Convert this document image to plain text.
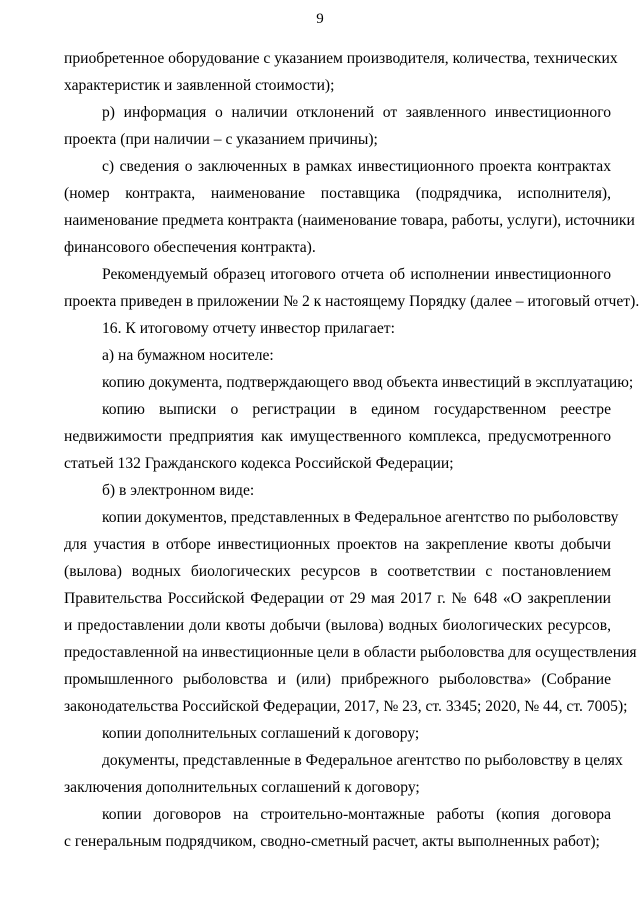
9
приобретенное оборудование с указанием производителя, количества, технических
характеристик и заявленной стоимости);
р) информация о наличии отклонений от заявленного инвестиционного
проекта (при наличии – с указанием причины);
с) сведения о заключенных в рамках инвестиционного проекта контрактах
(номер контракта, наименование поставщика (подрядчика, исполнителя),
наименование предмета контракта (наименование товара, работы, услуги), источники
финансового обеспечения контракта).
Рекомендуемый образец итогового отчета об исполнении инвестиционного
проекта приведен в приложении № 2 к настоящему Порядку (далее – итоговый отчет).
16. К итоговому отчету инвестор прилагает:
а) на бумажном носителе:
копию документа, подтверждающего ввод объекта инвестиций в эксплуатацию;
копию выписки о регистрации в едином государственном реестре
недвижимости предприятия как имущественного комплекса, предусмотренного
статьей 132 Гражданского кодекса Российской Федерации;
б) в электронном виде:
копии документов, представленных в Федеральное агентство по рыболовству
для участия в отборе инвестиционных проектов на закрепление квоты добычи
(вылова) водных биологических ресурсов в соответствии с постановлением
Правительства Российской Федерации от 29 мая 2017 г. № 648 «О закреплении
и предоставлении доли квоты добычи (вылова) водных биологических ресурсов,
предоставленной на инвестиционные цели в области рыболовства для осуществления
промышленного рыболовства и (или) прибрежного рыболовства» (Собрание
законодательства Российской Федерации, 2017, № 23, ст. 3345; 2020, № 44, ст. 7005);
копии дополнительных соглашений к договору;
документы, представленные в Федеральное агентство по рыболовству в целях
заключения дополнительных соглашений к договору;
копии договоров на строительно-монтажные работы (копия договора
с генеральным подрядчиком, сводно-сметный расчет, акты выполненных работ);
